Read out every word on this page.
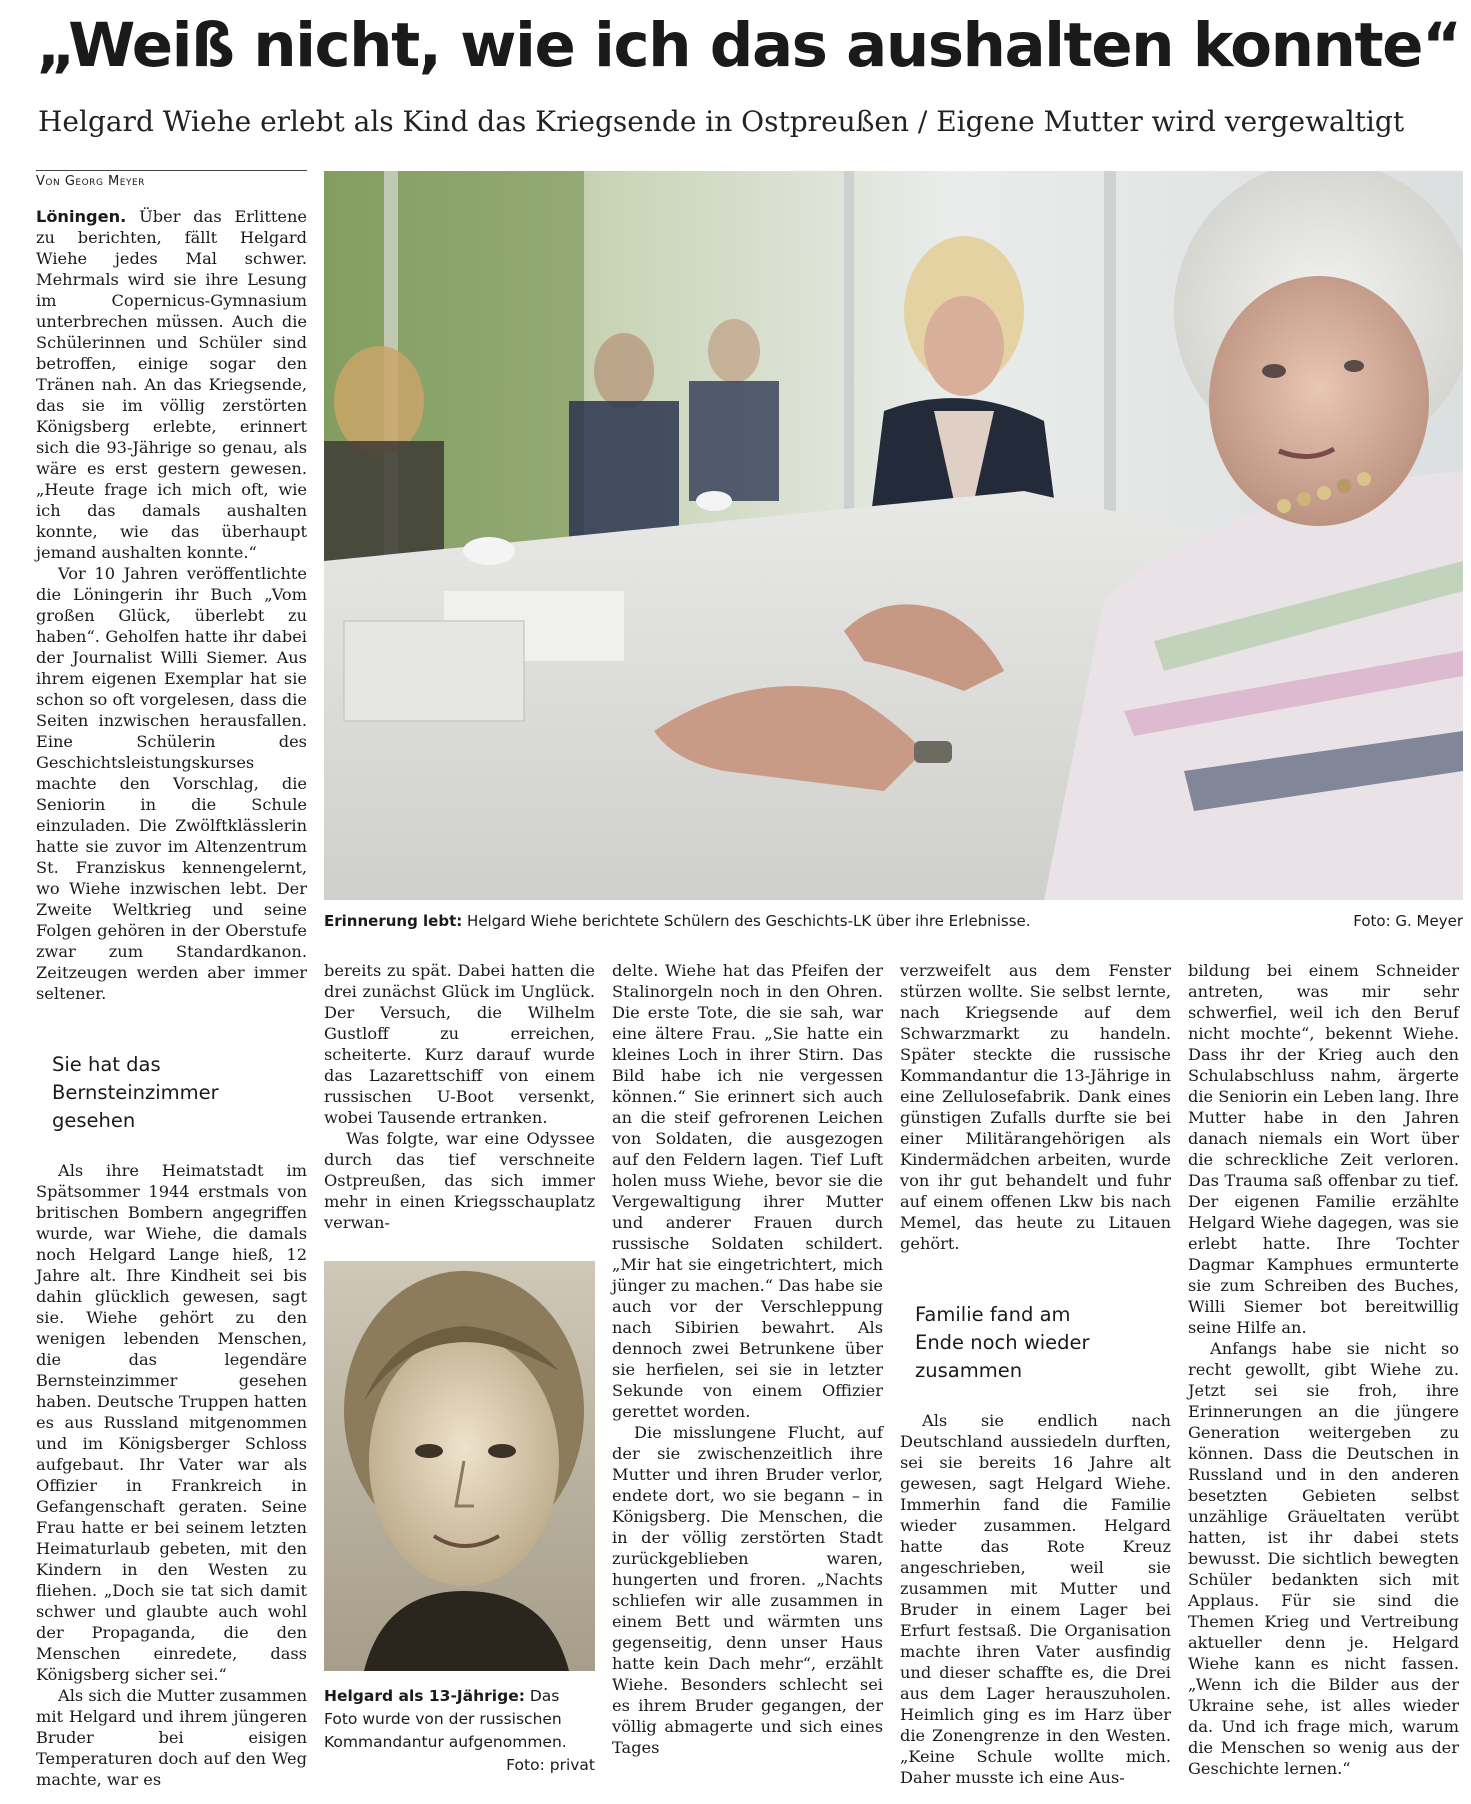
„Weiß nicht, wie ich das aushalten konnte“
Helgard Wiehe erlebt als Kind das Kriegsende in Ostpreußen / Eigene Mutter wird vergewaltigt
Von Georg Meyer

Löningen. Über das Erlittene zu berichten, fällt Helgard Wiehe jedes Mal schwer. Mehrmals wird sie ihre Lesung im Copernicus-Gymnasium unterbrechen müssen. Auch die Schülerinnen und Schüler sind betroffen, einige sogar den Tränen nah. An das Kriegsende, das sie im völlig zerstörten Königsberg erlebte, erinnert sich die 93-Jährige so genau, als wäre es erst gestern gewesen. „Heute frage ich mich oft, wie ich das damals aushalten konnte, wie das überhaupt jemand aushalten konnte.“

Vor 10 Jahren veröffentlichte die Löningerin ihr Buch „Vom großen Glück, überlebt zu haben“. Geholfen hatte ihr dabei der Journalist Willi Siemer. Aus ihrem eigenen Exemplar hat sie schon so oft vorgelesen, dass die Seiten inzwischen herausfallen. Eine Schülerin des Geschichtsleistungskurses machte den Vorschlag, die Seniorin in die Schule einzuladen. Die Zwölftklässlerin hatte sie zuvor im Altenzentrum St. Franziskus kennengelernt, wo Wiehe inzwischen lebt. Der Zweite Weltkrieg und seine Folgen gehören in der Oberstufe zwar zum Standardkanon. Zeitzeugen werden aber immer seltener.

Sie hat das Bernsteinzimmer gesehen

Als ihre Heimatstadt im Spätsommer 1944 erstmals von britischen Bombern angegriffen wurde, war Wiehe, die damals noch Helgard Lange hieß, 12 Jahre alt. Ihre Kindheit sei bis dahin glücklich gewesen, sagt sie. Wiehe gehört zu den wenigen lebenden Menschen, die das legendäre Bernsteinzimmer gesehen haben. Deutsche Truppen hatten es aus Russland mitgenommen und im Königsberger Schloss aufgebaut. Ihr Vater war als Offizier in Frankreich in Gefangenschaft geraten. Seine Frau hatte er bei seinem letzten Heimaturlaub gebeten, mit den Kindern in den Westen zu fliehen. „Doch sie tat sich damit schwer und glaubte auch wohl der Propaganda, die den Menschen einredete, dass Königsberg sicher sei.“

Als sich die Mutter zusammen mit Helgard und ihrem jüngeren Bruder bei eisigen Temperaturen doch auf den Weg machte, war es

Erinnerung lebt: Helgard Wiehe berichtete Schülern des Geschichts-LK über ihre Erlebnisse.	Foto: G. Meyer

bereits zu spät. Dabei hatten die drei zunächst Glück im Unglück. Der Versuch, die Wilhelm Gustloff zu erreichen, scheiterte. Kurz darauf wurde das Lazarettschiff von einem russischen U-Boot versenkt, wobei Tausende ertranken.

Was folgte, war eine Odyssee durch das tief verschneite Ostpreußen, das sich immer mehr in einen Kriegsschauplatz verwan-

Helgard als 13-Jährige: Das Foto wurde von der russischen Kommandantur aufgenommen.
Foto: privat

delte. Wiehe hat das Pfeifen der Stalinorgeln noch in den Ohren. Die erste Tote, die sie sah, war eine ältere Frau. „Sie hatte ein kleines Loch in ihrer Stirn. Das Bild habe ich nie vergessen können.“ Sie erinnert sich auch an die steif gefrorenen Leichen von Soldaten, die ausgezogen auf den Feldern lagen. Tief Luft holen muss Wiehe, bevor sie die Vergewaltigung ihrer Mutter und anderer Frauen durch russische Soldaten schildert. „Mir hat sie eingetrichtert, mich jünger zu machen.“ Das habe sie auch vor der Verschleppung nach Sibirien bewahrt. Als dennoch zwei Betrunkene über sie herfielen, sei sie in letzter Sekunde von einem Offizier gerettet worden.

Die misslungene Flucht, auf der sie zwischenzeitlich ihre Mutter und ihren Bruder verlor, endete dort, wo sie begann – in Königsberg. Die Menschen, die in der völlig zerstörten Stadt zurückgeblieben waren, hungerten und froren. „Nachts schliefen wir alle zusammen in einem Bett und wärmten uns gegenseitig, denn unser Haus hatte kein Dach mehr“, erzählt Wiehe. Besonders schlecht sei es ihrem Bruder gegangen, der völlig abmagerte und sich eines Tages

verzweifelt aus dem Fenster stürzen wollte. Sie selbst lernte, nach Kriegsende auf dem Schwarzmarkt zu handeln. Später steckte die russische Kommandantur die 13-Jährige in eine Zellulosefabrik. Dank eines günstigen Zufalls durfte sie bei einer Militärangehörigen als Kindermädchen arbeiten, wurde von ihr gut behandelt und fuhr auf einem offenen Lkw bis nach Memel, das heute zu Litauen gehört.

Familie fand am Ende noch wieder zusammen

Als sie endlich nach Deutschland aussiedeln durften, sei sie bereits 16 Jahre alt gewesen, sagt Helgard Wiehe. Immerhin fand die Familie wieder zusammen. Helgard hatte das Rote Kreuz angeschrieben, weil sie zusammen mit Mutter und Bruder in einem Lager bei Erfurt festsaß. Die Organisation machte ihren Vater ausfindig und dieser schaffte es, die Drei aus dem Lager herauszuholen. Heimlich ging es im Harz über die Zonengrenze in den Westen. „Keine Schule wollte mich. Daher musste ich eine Aus-

bildung bei einem Schneider antreten, was mir sehr schwerfiel, weil ich den Beruf nicht mochte“, bekennt Wiehe. Dass ihr der Krieg auch den Schulabschluss nahm, ärgerte die Seniorin ein Leben lang. Ihre Mutter habe in den Jahren danach niemals ein Wort über die schreckliche Zeit verloren. Das Trauma saß offenbar zu tief. Der eigenen Familie erzählte Helgard Wiehe dagegen, was sie erlebt hatte. Ihre Tochter Dagmar Kamphues ermunterte sie zum Schreiben des Buches, Willi Siemer bot bereitwillig seine Hilfe an.

Anfangs habe sie nicht so recht gewollt, gibt Wiehe zu. Jetzt sei sie froh, ihre Erinnerungen an die jüngere Generation weitergeben zu können. Dass die Deutschen in Russland und in den anderen besetzten Gebieten selbst unzählige Gräueltaten verübt hatten, ist ihr dabei stets bewusst. Die sichtlich bewegten Schüler bedankten sich mit Applaus. Für sie sind die Themen Krieg und Vertreibung aktueller denn je. Helgard Wiehe kann es nicht fassen. „Wenn ich die Bilder aus der Ukraine sehe, ist alles wieder da. Und ich frage mich, warum die Menschen so wenig aus der Geschichte lernen.“
